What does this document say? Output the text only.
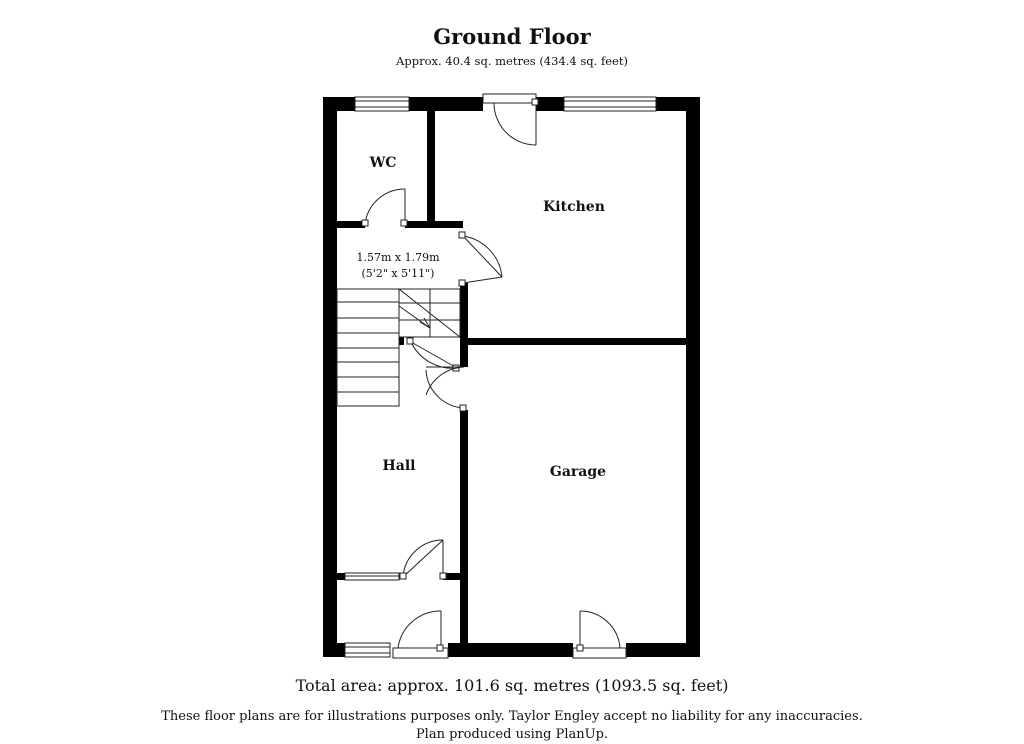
Ground Floor
Approx. 40.4 sq. metres (434.4 sq. feet)
WC
Kitchen
Hall	Garage
1.57m x 1.79m
(5'2" x 5'11")
Total area: approx. 101.6 sq. metres (1093.5 sq. feet)
These floor plans are for illustrations purposes only. Taylor Engley accept no liability for any inaccuracies.
Plan produced using PlanUp.
